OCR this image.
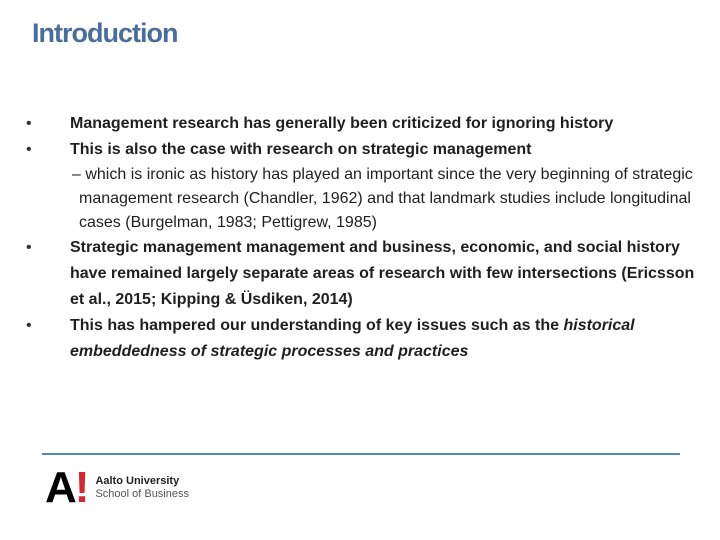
Introduction
•	Management research has generally been criticized for ignoring history
•	This is also the case with research on strategic management
– which is ironic as history has played an important since the very beginning of strategic management research (Chandler, 1962) and that landmark studies include longitudinal cases (Burgelman, 1983; Pettigrew, 1985)
•	Strategic management management and business, economic, and social history have remained largely separate areas of research with few intersections (Ericsson et al., 2015; Kipping & Üsdiken, 2014)
•	This has hampered our understanding of key issues such as the historical embeddedness of strategic processes and practices
A! Aalto University
School of Business
